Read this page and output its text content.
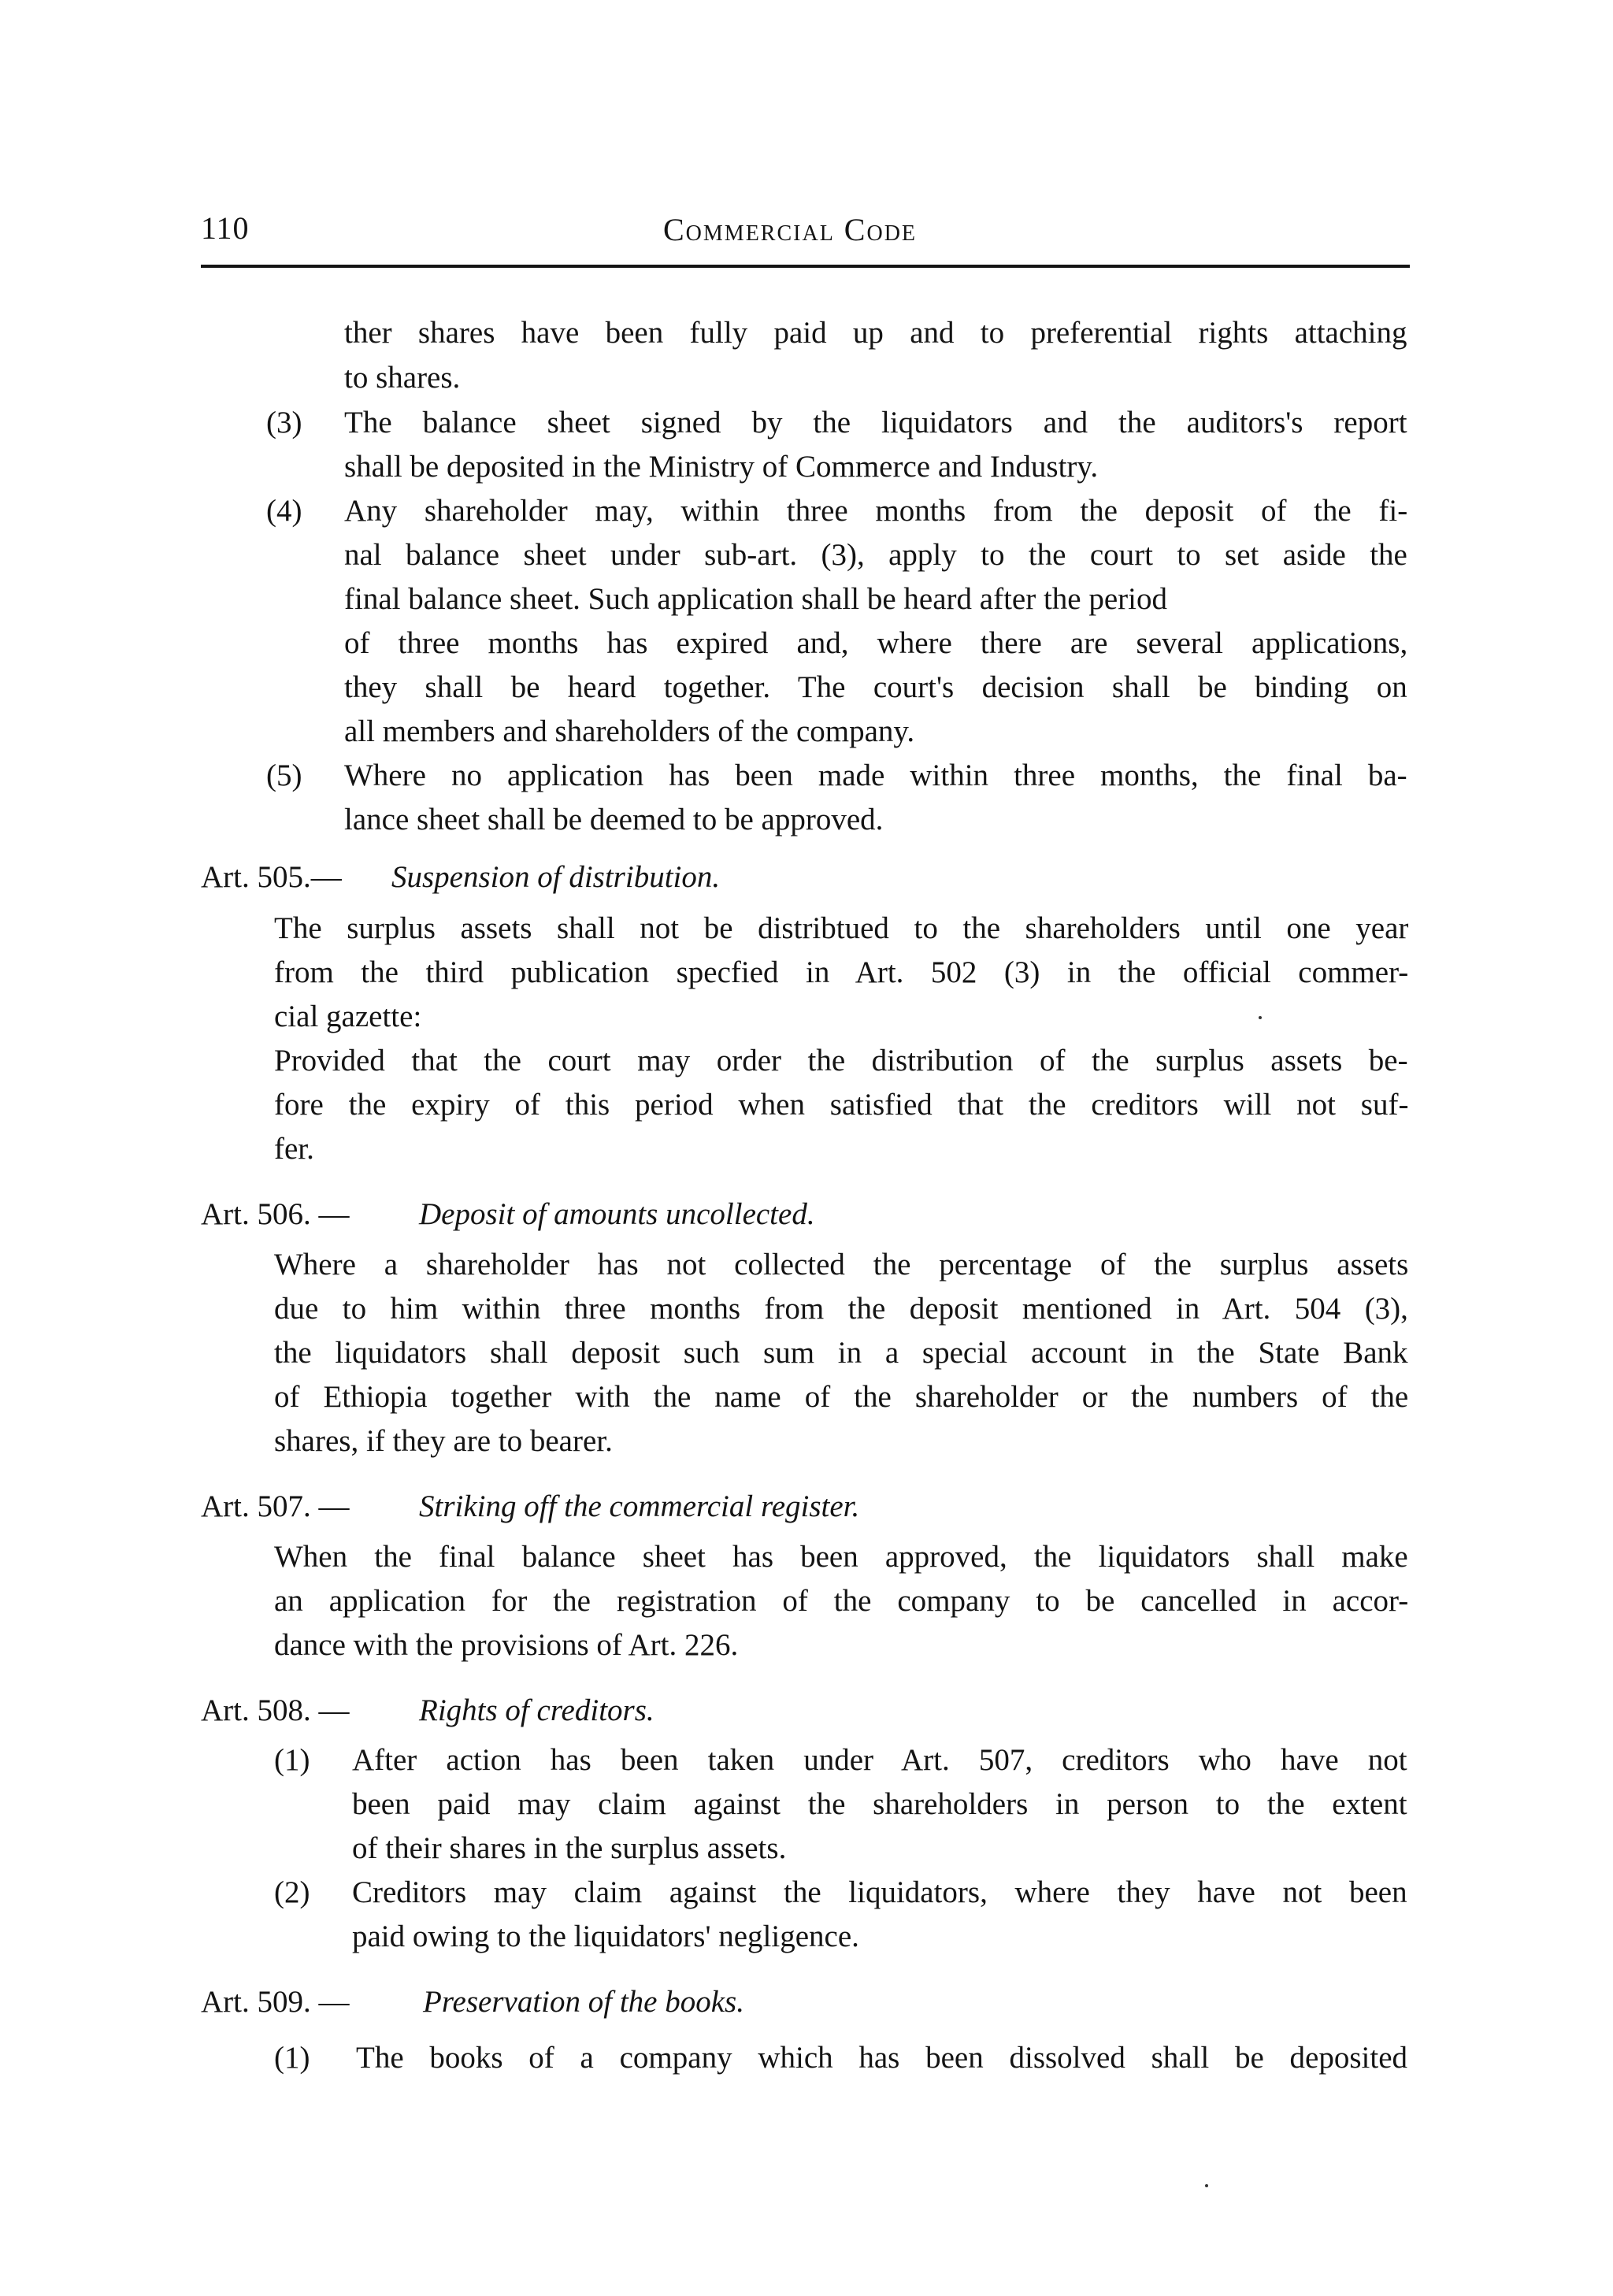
110	Commercial Code
ther shares have been fully paid up and to preferential rights attaching
to shares.
(3) The balance sheet signed by the liquidators and the auditors's report
shall be deposited in the Ministry of Commerce and Industry.
(4) Any shareholder may, within three months from the deposit of the fi-
nal balance sheet under sub-art. (3), apply to the court to set aside the
final balance sheet. Such application shall be heard after the period
of three months has expired and, where there are several applications,
they shall be heard together. The court's decision shall be binding on
all members and shareholders of the company.
(5) Where no application has been made within three months, the final ba-
lance sheet shall be deemed to be approved.
Art. 505.— Suspension of distribution.
The surplus assets shall not be distribtued to the shareholders until one year
from the third publication specfied in Art. 502 (3) in the official commer-
cial gazette:
Provided that the court may order the distribution of the surplus assets be-
fore the expiry of this period when satisfied that the creditors will not suf-
fer.
Art. 506. — Deposit of amounts uncollected.
Where a shareholder has not collected the percentage of the surplus assets
due to him within three months from the deposit mentioned in Art. 504 (3),
the liquidators shall deposit such sum in a special account in the State Bank
of Ethiopia together with the name of the shareholder or the numbers of the
shares, if they are to bearer.
Art. 507. — Striking off the commercial register.
When the final balance sheet has been approved, the liquidators shall make
an application for the registration of the company to be cancelled in accor-
dance with the provisions of Art. 226.
Art. 508. — Rights of creditors.
(1) After action has been taken under Art. 507, creditors who have not
been paid may claim against the shareholders in person to the extent
of their shares in the surplus assets.
(2) Creditors may claim against the liquidators, where they have not been
paid owing to the liquidators' negligence.
Art. 509. — Preservation of the books.
(1) The books of a company which has been dissolved shall be deposited
